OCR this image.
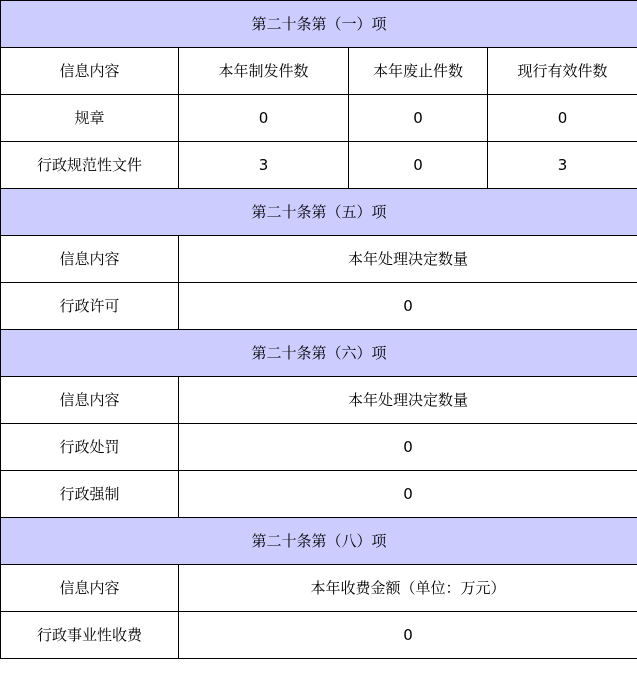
第二十条第（一）项			
信息内容	本年制发件数	本年废止件数	现行有效件数
规章	0	0	0
行政规范性文件	3	0	3
第二十条第（五）项			
信息内容	本年处理决定数量		
行政许可	0		
第二十条第（六）项			
信息内容	本年处理决定数量		
行政处罚	0		
行政强制	0		
第二十条第（八）项			
信息内容	本年收费金额（单位：万元）		
行政事业性收费	0		
